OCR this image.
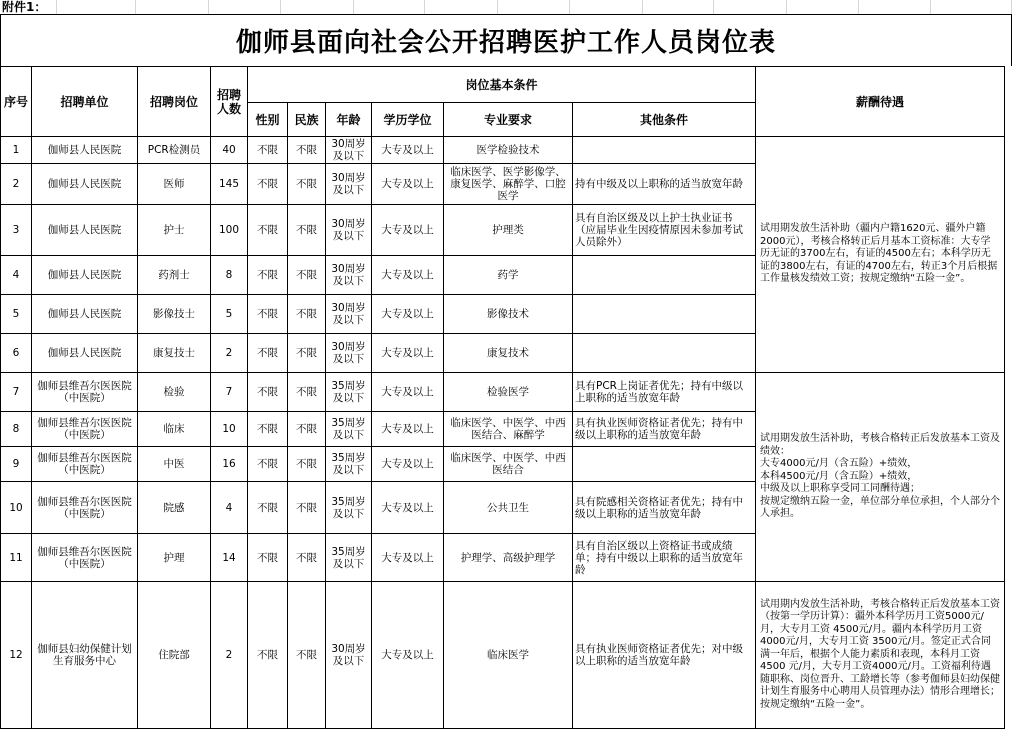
附件1：
伽师县面向社会公开招聘医护工作人员岗位表
序号	招聘单位	招聘岗位	招聘人数	岗位基本条件						薪酬待遇
				性别	民族	年龄	学历学位	专业要求	其他条件	
1	伽师县人民医院	PCR检测员	40	不限	不限	30周岁及以下	大专及以上	医学检验技术		试用期发放生活补助（疆内户籍1620元、疆外户籍2000元），考核合格转正后月基本工资标准：大专学历无证的3700左右，有证的4500左右；本科学历无证的3800左右，有证的4700左右，转正3个月后根据工作量核发绩效工资；按规定缴纳“五险一金”。
2	伽师县人民医院	医师	145	不限	不限	30周岁及以下	大专及以上	临床医学、医学影像学、康复医学、麻醉学、口腔医学	持有中级及以上职称的适当放宽年龄	
3	伽师县人民医院	护士	100	不限	不限	30周岁及以下	大专及以上	护理类	具有自治区级及以上护士执业证书（应届毕业生因疫情原因未参加考试人员除外）	
4	伽师县人民医院	药剂士	8	不限	不限	30周岁及以下	大专及以上	药学		
5	伽师县人民医院	影像技士	5	不限	不限	30周岁及以下	大专及以上	影像技术		
6	伽师县人民医院	康复技士	2	不限	不限	30周岁及以下	大专及以上	康复技术		
7	伽师县维吾尔医医院（中医院）	检验	7	不限	不限	35周岁及以下	大专及以上	检验医学	具有PCR上岗证者优先；持有中级以上职称的适当放宽年龄	试用期发放生活补助，考核合格转正后发放基本工资及绩效：
大专4000元/月（含五险）+绩效，
本科4500元/月（含五险）+绩效，
中级及以上职称享受同工同酬待遇；
按规定缴纳五险一金，单位部分单位承担，个人部分个人承担。
8	伽师县维吾尔医医院（中医院）	临床	10	不限	不限	35周岁及以下	大专及以上	临床医学、中医学、中西医结合、麻醉学	具有执业医师资格证者优先；持有中级以上职称的适当放宽年龄	
9	伽师县维吾尔医医院（中医院）	中医	16	不限	不限	35周岁及以下	大专及以上	临床医学、中医学、中西医结合		
10	伽师县维吾尔医医院（中医院）	院感	4	不限	不限	35周岁及以下	大专及以上	公共卫生	具有院感相关资格证者优先；持有中级以上职称的适当放宽年龄	
11	伽师县维吾尔医医院（中医院）	护理	14	不限	不限	35周岁及以下	大专及以上	护理学、高级护理学	具有自治区级以上资格证书或成绩单；持有中级以上职称的适当放宽年龄	
12	伽师县妇幼保健计划生育服务中心	住院部	2	不限	不限	30周岁及以下	大专及以上	临床医学	具有执业医师资格证者优先；对中级以上职称的适当放宽年龄	试用期内发放生活补助，考核合格转正后发放基本工资（按第一学历计算）：疆外本科学历月工资5000元/月，大专月工资 4500元/月。疆内本科学历月工资 4000元/月，大专月工资 3500元/月。签定正式合同满一年后，根据个人能力素质和表现，本科月工资 4500 元/月，大专月工资4000元/月。工资福利待遇随职称、岗位晋升、工龄增长等（参考伽师县妇幼保健计划生育服务中心聘用人员管理办法）情形合理增长；按规定缴纳“五险一金”。
